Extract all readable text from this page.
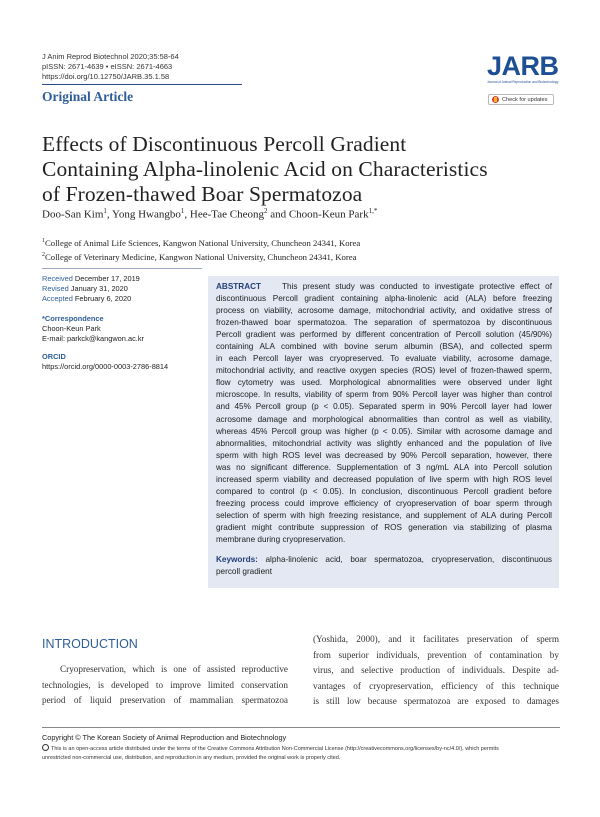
J Anim Reprod Biotechnol 2020;35:58-64
pISSN: 2671-4639 • eISSN: 2671-4663
https://doi.org/10.12750/JARB.35.1.58
Original Article
JARB
Journal of Animal Reproduction and Biotechnology
Check for updates
Effects of Discontinuous Percoll Gradient
Containing Alpha-linolenic Acid on Characteristics
of Frozen-thawed Boar Spermatozoa
Doo-San Kim$^1$, Yong Hwangbo$^1$, Hee-Tae Cheong$^2$ and Choon-Keun Park$^{1,*}$
$^1$College of Animal Life Sciences, Kangwon National University, Chuncheon 24341, Korea
$^2$College of Veterinary Medicine, Kangwon National University, Chuncheon 24341, Korea
Received December 17, 2019
Revised January 31, 2020
Accepted February 6, 2020
*Correspondence
Choon-Keun Park
E-mail: parkck@kangwon.ac.kr
ORCID
https://orcid.org/0000-0003-2786-8814
ABSTRACT	This present study was conducted to investigate protective effect of
discontinuous Percoll gradient containing alpha-linolenic acid (ALA) before freezing
process on viability, acrosome damage, mitochondrial activity, and oxidative stress of
frozen-thawed boar spermatozoa. The separation of spermatozoa by discontinuous
Percoll gradient was performed by different concentration of Percoll solution (45/90%)
containing ALA combined with bovine serum albumin (BSA), and collected sperm
in each Percoll layer was cryopreserved. To evaluate viability, acrosome damage,
mitochondrial activity, and reactive oxygen species (ROS) level of frozen-thawed sperm,
flow cytometry was used. Morphological abnormalities were observed under light
microscope. In results, viability of sperm from 90% Percoll layer was higher than control
and 45% Percoll group (p < 0.05). Separated sperm in 90% Percoll layer had lower
acrosome damage and morphological abnormalities than control as well as viability,
whereas 45% Percoll group was higher (p < 0.05). Similar with acrosome damage and
abnormalities, mitochondrial activity was slightly enhanced and the population of live
sperm with high ROS level was decreased by 90% Percoll separation, however, there
was no significant difference. Supplementation of 3 ng/mL ALA into Percoll solution
increased sperm viability and decreased population of live sperm with high ROS level
compared to control (p < 0.05). In conclusion, discontinuous Percoll gradient before
freezing process could improve efficiency of cryopreservation of boar sperm through
selection of sperm with high freezing resistance, and supplement of ALA during Percoll
gradient might contribute suppression of ROS generation via stabilizing of plasma
membrane during cryopreservation.
Keywords: alpha-linolenic acid, boar spermatozoa, cryopreservation, discontinuous
percoll gradient
INTRODUCTION
Cryopreservation, which is one of assisted reproductive
technologies, is developed to improve limited conservation
period of liquid preservation of mammalian spermatozoa
(Yoshida, 2000), and it facilitates preservation of sperm
from superior individuals, prevention of contamination by
virus, and selective production of individuals. Despite ad-
vantages of cryopreservation, efficiency of this technique
is still low because spermatozoa are exposed to damages
Copyright © The Korean Society of Animal Reproduction and Biotechnology
This is an open-access article distributed under the terms of the Creative Commons Attribution Non-Commercial License (http://creativecommons.org/licenses/by-nc/4.0/), which permits
unrestricted non-commercial use, distribution, and reproduction in any medium, provided the original work is properly cited.
